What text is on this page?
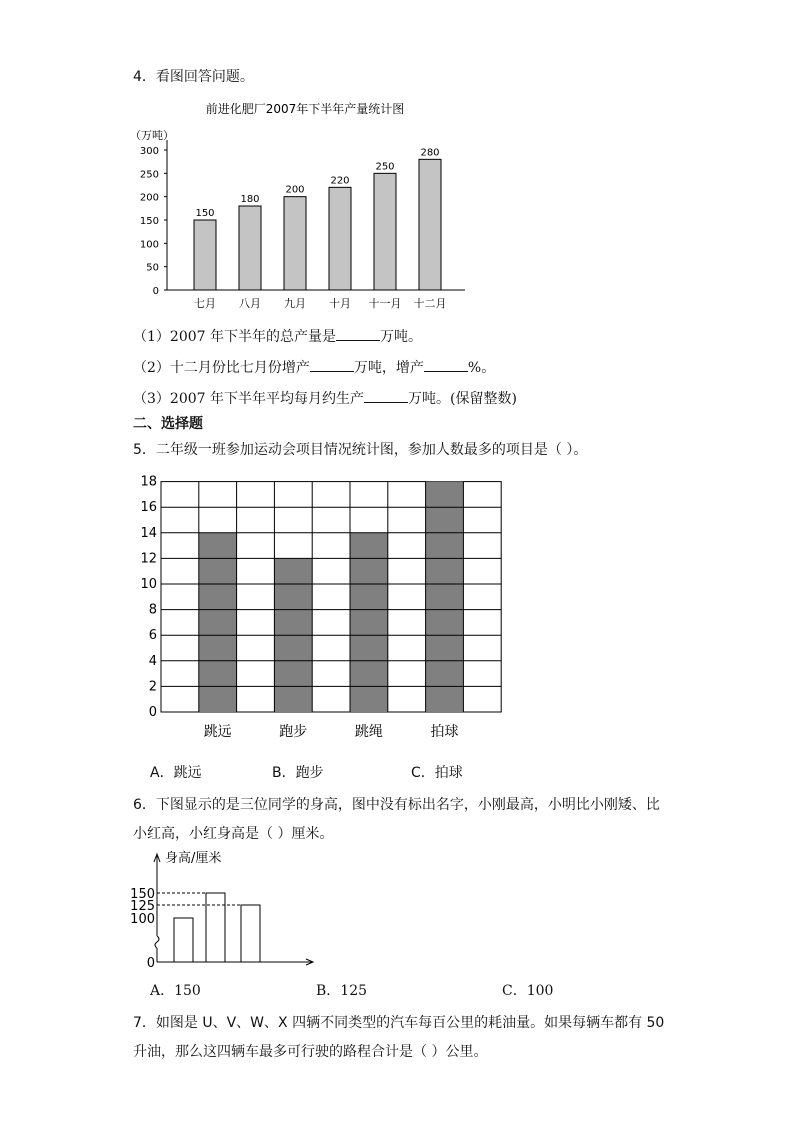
4．看图回答问题。
前进化肥厂2007年下半年产量统计图
（万吨）
0
50
100
150
200
250
300
150
七月
180
八月
200
九月
220
十月
250
十一月
280
十二月
（1）2007 年下半年的总产量是	万吨。
（2）十二月份比七月份增产	万吨，增产	%。
（3）2007 年下半年平均每月约生产	万吨。(保留整数)
二、选择题
5．二年级一班参加运动会项目情况统计图，参加人数最多的项目是（ ）。
跳远	跑步	跳绳	拍球
0
2
4
6
8
10
12
14
16
18
A．跳远	B．跑步	C．拍球
6．下图显示的是三位同学的身高，图中没有标出名字，小刚最高，小明比小刚矮、比
小红高，小红身高是（ ）厘米。
身高/厘米
0
100
125
150
A．150	B．125	C．100
7．如图是 U、V、W、X 四辆不同类型的汽车每百公里的耗油量。如果每辆车都有 50
升油，那么这四辆车最多可行驶的路程合计是（ ）公里。
